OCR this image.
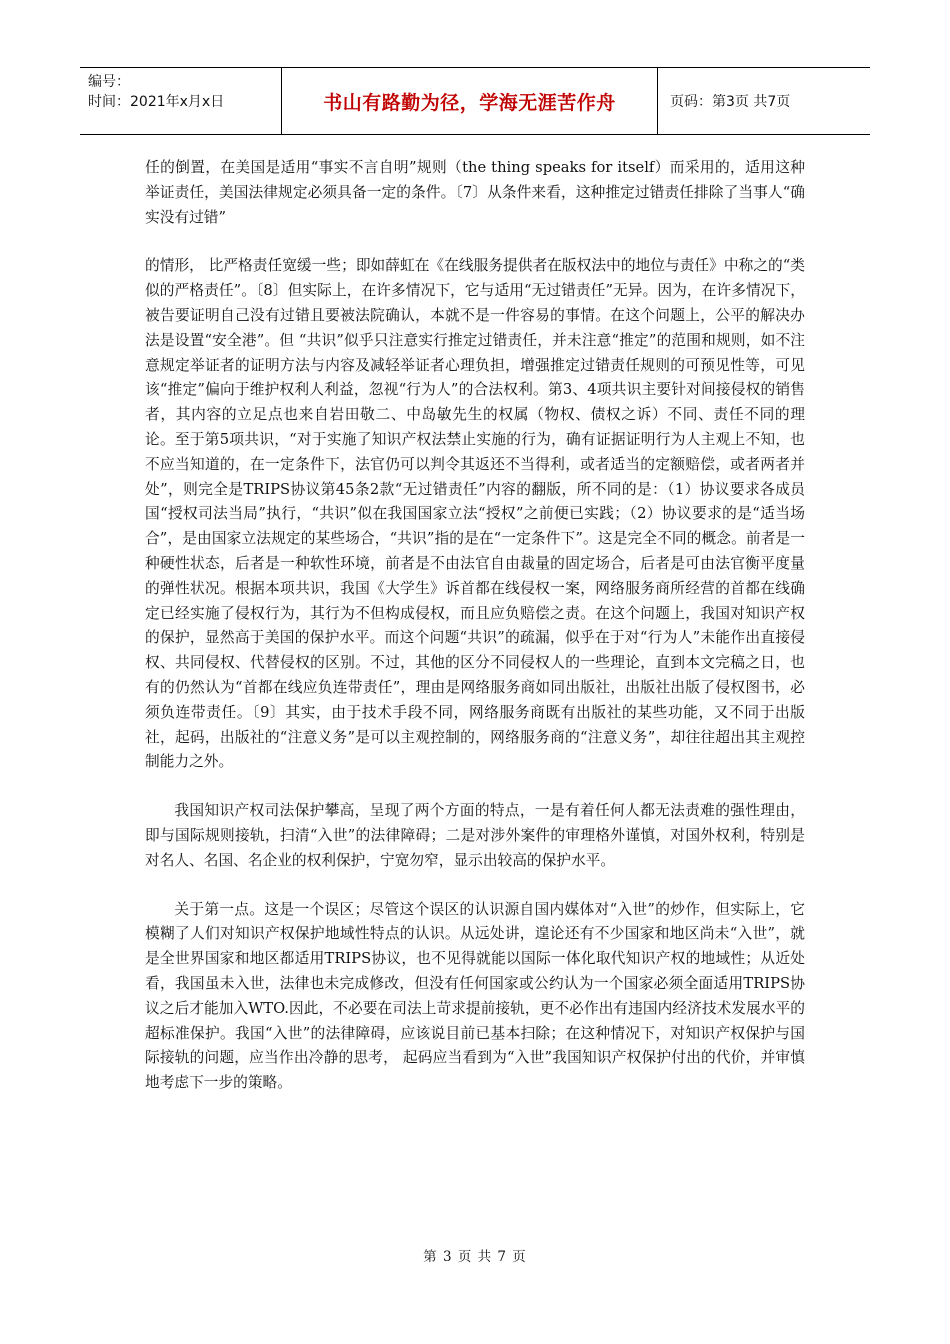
编号：
时间：2021年x月x日	书山有路勤为径，学海无涯苦作舟	页码：第3页 共7页

任的倒置，在美国是适用“事实不言自明”规则（the thing speaks for itself）而采用的，适用这种举证责任，美国法律规定必须具备一定的条件。〔7〕从条件来看，这种推定过错责任排除了当事人“确实没有过错”

的情形， 比严格责任宽缓一些；即如薛虹在《在线服务提供者在版权法中的地位与责任》中称之的“类似的严格责任”。〔8〕但实际上，在许多情况下，它与适用“无过错责任”无异。因为，在许多情况下，被告要证明自己没有过错且要被法院确认，本就不是一件容易的事情。在这个问题上，公平的解决办法是设置“安全港”。但 “共识”似乎只注意实行推定过错责任，并未注意“推定”的范围和规则，如不注意规定举证者的证明方法与内容及减轻举证者心理负担，增强推定过错责任规则的可预见性等，可见该“推定”偏向于维护权利人利益，忽视“行为人”的合法权利。第3、4项共识主要针对间接侵权的销售者，其内容的立足点也来自岩田敬二、中岛敏先生的权属（物权、债权之诉）不同、责任不同的理论。至于第5项共识，“对于实施了知识产权法禁止实施的行为，确有证据证明行为人主观上不知，也不应当知道的，在一定条件下，法官仍可以判令其返还不当得利，或者适当的定额赔偿，或者两者并处”，则完全是TRIPS协议第45条2款“无过错责任”内容的翻版，所不同的是：（1）协议要求各成员国“授权司法当局”执行，“共识”似在我国国家立法“授权”之前便已实践；（2）协议要求的是“适当场合”，是由国家立法规定的某些场合，“共识”指的是在“一定条件下”。这是完全不同的概念。前者是一种硬性状态，后者是一种软性环境，前者是不由法官自由裁量的固定场合，后者是可由法官衡平度量的弹性状况。根据本项共识，我国《大学生》诉首都在线侵权一案，网络服务商所经营的首都在线确定已经实施了侵权行为，其行为不但构成侵权，而且应负赔偿之责。在这个问题上，我国对知识产权的保护，显然高于美国的保护水平。而这个问题“共识”的疏漏，似乎在于对“行为人”未能作出直接侵权、共同侵权、代替侵权的区别。不过，其他的区分不同侵权人的一些理论，直到本文完稿之日，也有的仍然认为“首都在线应负连带责任”，理由是网络服务商如同出版社，出版社出版了侵权图书，必须负连带责任。〔9〕其实，由于技术手段不同，网络服务商既有出版社的某些功能，又不同于出版社，起码，出版社的“注意义务”是可以主观控制的，网络服务商的“注意义务”，却往往超出其主观控制能力之外。

我国知识产权司法保护攀高，呈现了两个方面的特点，一是有着任何人都无法责难的强性理由，即与国际规则接轨，扫清“入世”的法律障碍；二是对涉外案件的审理格外谨慎，对国外权利，特别是对名人、名国、名企业的权利保护，宁宽勿窄，显示出较高的保护水平。

关于第一点。这是一个误区；尽管这个误区的认识源自国内媒体对“入世”的炒作，但实际上，它模糊了人们对知识产权保护地域性特点的认识。从远处讲，遑论还有不少国家和地区尚未“入世”，就是全世界国家和地区都适用TRIPS协议，也不见得就能以国际一体化取代知识产权的地域性；从近处看，我国虽未入世，法律也未完成修改，但没有任何国家或公约认为一个国家必须全面适用TRIPS协议之后才能加入WTO.因此，不必要在司法上苛求提前接轨，更不必作出有违国内经济技术发展水平的超标准保护。我国“入世”的法律障碍，应该说目前已基本扫除；在这种情况下，对知识产权保护与国际接轨的问题，应当作出冷静的思考， 起码应当看到为“入世”我国知识产权保护付出的代价，并审慎地考虑下一步的策略。

第 3 页 共 7 页
